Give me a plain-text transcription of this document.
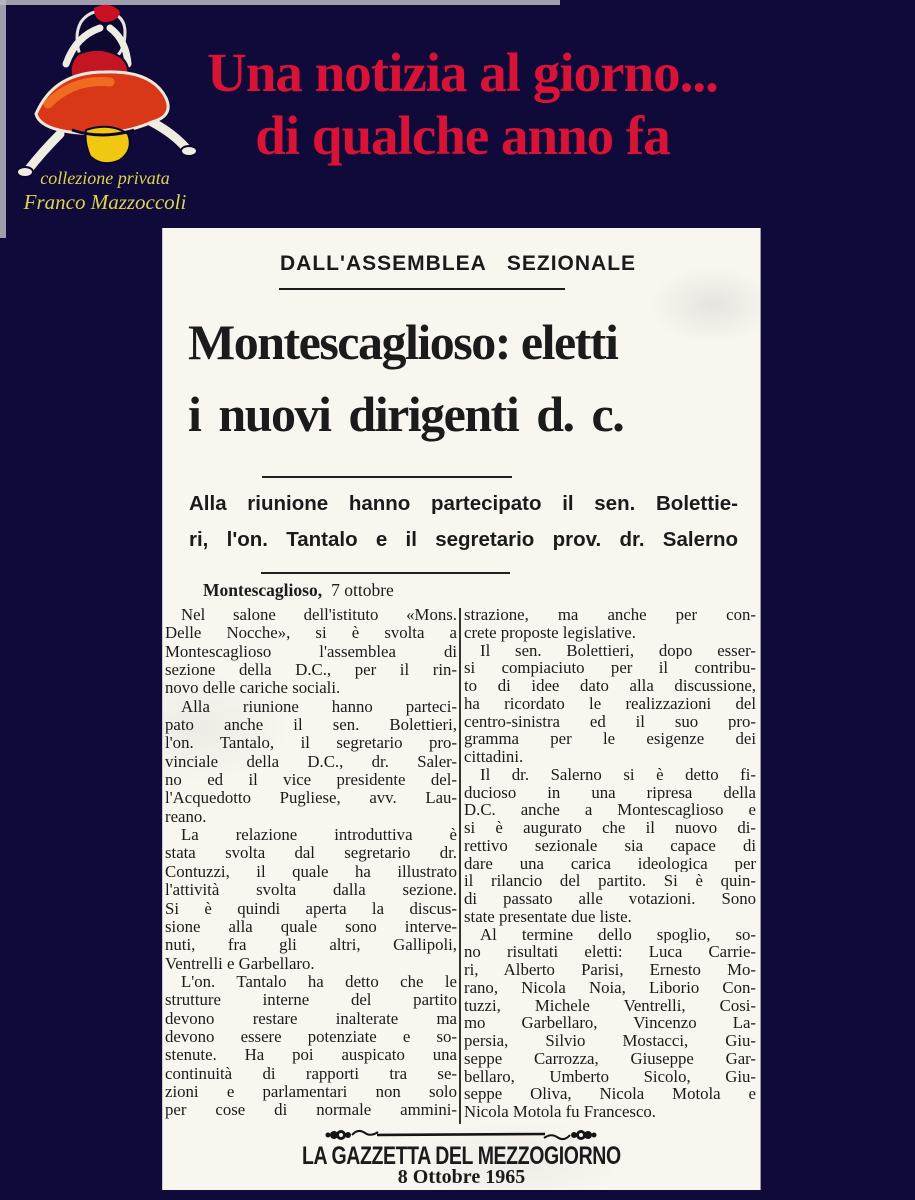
collezione privata
Franco Mazzoccoli
Una notizia al giorno...
di qualche anno fa
DALL'ASSEMBLEA SEZIONALE
Montescaglioso: eletti
i nuovi dirigenti d. c.
Alla riunione hanno partecipato il sen. Bolettie-
ri, l'on. Tantalo e il segretario prov. dr. Salerno
Montescaglioso, 7 ottobre
Nel salone dell'istituto «Mons.
Delle Nocche», si è svolta a
Montescaglioso l'assemblea di
sezione della D.C., per il rin-
novo delle cariche sociali.
Alla riunione hanno parteci-
pato anche il sen. Bolettieri,
l'on. Tantalo, il segretario pro-
vinciale della D.C., dr. Saler-
no ed il vice presidente del-
l'Acquedotto Pugliese, avv. Lau-
reano.
La relazione introduttiva è
stata svolta dal segretario dr.
Contuzzi, il quale ha illustrato
l'attività svolta dalla sezione.
Si è quindi aperta la discus-
sione alla quale sono interve-
nuti, fra gli altri, Gallipoli,
Ventrelli e Garbellaro.
L'on. Tantalo ha detto che le
strutture interne del partito
devono restare inalterate ma
devono essere potenziate e so-
stenute. Ha poi auspicato una
continuità di rapporti tra se-
zioni e parlamentari non solo
per cose di normale ammini-
strazione, ma anche per con-
crete proposte legislative.
Il sen. Bolettieri, dopo esser-
si compiaciuto per il contribu-
to di idee dato alla discussione,
ha ricordato le realizzazioni del
centro-sinistra ed il suo pro-
gramma per le esigenze dei
cittadini.
Il dr. Salerno si è detto fi-
ducioso in una ripresa della
D.C. anche a Montescaglioso e
si è augurato che il nuovo di-
rettivo sezionale sia capace di
dare una carica ideologica per
il rilancio del partito. Si è quin-
di passato alle votazioni. Sono
state presentate due liste.
Al termine dello spoglio, so-
no risultati eletti: Luca Carrie-
ri, Alberto Parisi, Ernesto Mo-
rano, Nicola Noia, Liborio Con-
tuzzi, Michele Ventrelli, Cosi-
mo Garbellaro, Vincenzo La-
persia, Silvio Mostacci, Giu-
seppe Carrozza, Giuseppe Gar-
bellaro, Umberto Sicolo, Giu-
seppe Oliva, Nicola Motola e
Nicola Motola fu Francesco.
LA GAZZETTA DEL MEZZOGIORNO
8 Ottobre 1965
